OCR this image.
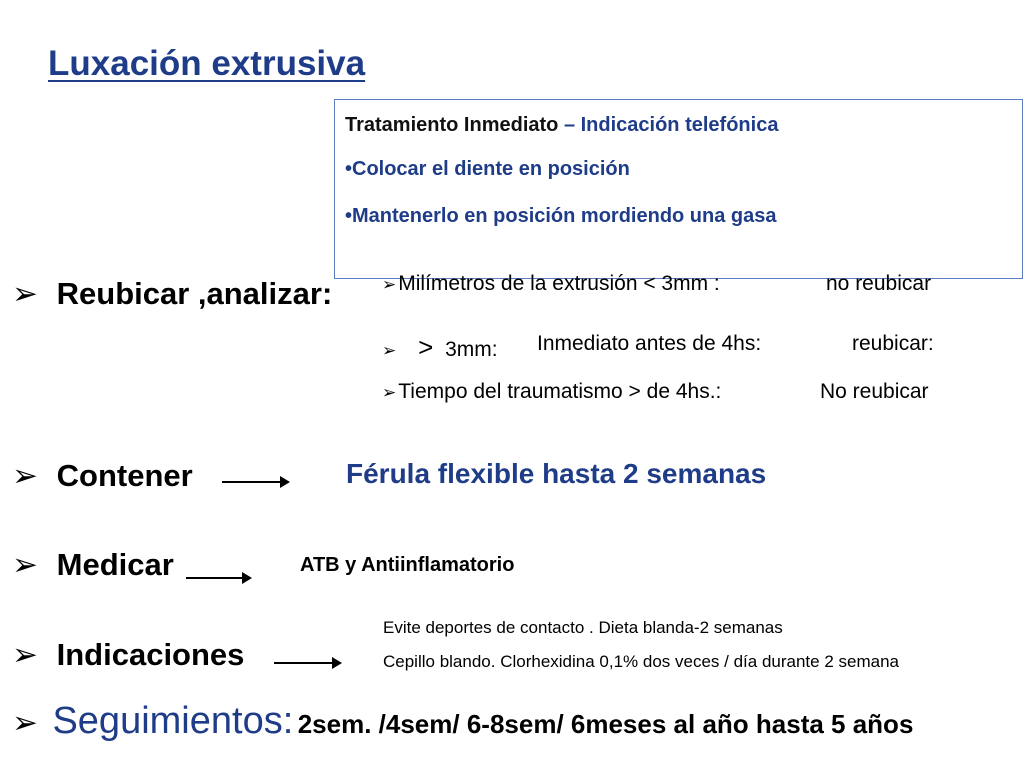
Luxación extrusiva
Tratamiento Inmediato – Indicación telefónica
•Colocar el diente en posición
•Mantenerlo en posición mordiendo una gasa
➢ Reubicar ,analizar:	➢Milímetros de la extrusión < 3mm :	no reubicar
➢ > 3mm: Inmediato antes de 4hs:	reubicar:
➢Tiempo del traumatismo > de 4hs.:	No reubicar
➢ Contener	Férula flexible hasta 2 semanas
➢ Medicar	ATB y Antiinflamatorio
➢ Indicaciones
Evite deportes de contacto . Dieta blanda-2 semanas
Cepillo blando. Clorhexidina 0,1% dos veces / día durante 2 semana
➢ Seguimientos: 2sem. /4sem/ 6-8sem/ 6meses al año hasta 5 años
